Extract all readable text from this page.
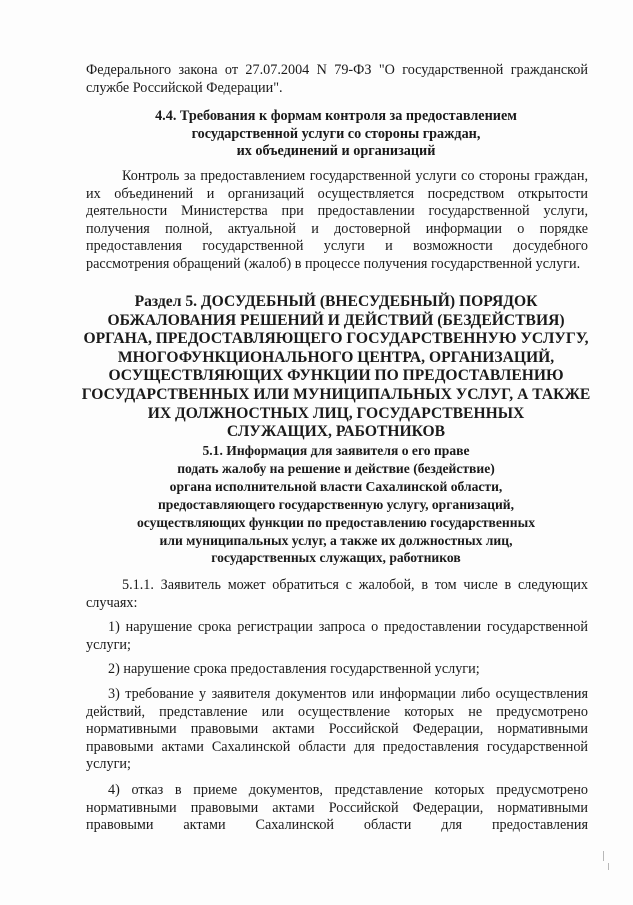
Федерального закона от 27.07.2004 N 79-ФЗ "О государственной гражданской службе Российской Федерации".

4.4. Требования к формам контроля за предоставлением
государственной услуги со стороны граждан,
их объединений и организаций

Контроль за предоставлением государственной услуги со стороны граждан, их объединений и организаций осуществляется посредством открытости деятельности Министерства при предоставлении государственной услуги, получения полной, актуальной и достоверной информации о порядке предоставления государственной услуги и возможности досудебного рассмотрения обращений (жалоб) в процессе получения государственной услуги.

Раздел 5. ДОСУДЕБНЫЙ (ВНЕСУДЕБНЫЙ) ПОРЯДОК
ОБЖАЛОВАНИЯ РЕШЕНИЙ И ДЕЙСТВИЙ (БЕЗДЕЙСТВИЯ)
ОРГАНА, ПРЕДОСТАВЛЯЮЩЕГО ГОСУДАРСТВЕННУЮ УСЛУГУ,
МНОГОФУНКЦИОНАЛЬНОГО ЦЕНТРА, ОРГАНИЗАЦИЙ,
ОСУЩЕСТВЛЯЮЩИХ ФУНКЦИИ ПО ПРЕДОСТАВЛЕНИЮ
ГОСУДАРСТВЕННЫХ ИЛИ МУНИЦИПАЛЬНЫХ УСЛУГ, А ТАКЖЕ
ИХ ДОЛЖНОСТНЫХ ЛИЦ, ГОСУДАРСТВЕННЫХ
СЛУЖАЩИХ, РАБОТНИКОВ
5.1. Информация для заявителя о его праве
подать жалобу на решение и действие (бездействие)
органа исполнительной власти Сахалинской области,
предоставляющего государственную услугу, организаций,
осуществляющих функции по предоставлению государственных
или муниципальных услуг, а также их должностных лиц,
государственных служащих, работников

5.1.1. Заявитель может обратиться с жалобой, в том числе в следующих случаях:

1) нарушение срока регистрации запроса о предоставлении государственной услуги;

2) нарушение срока предоставления государственной услуги;

3) требование у заявителя документов или информации либо осуществления действий, представление или осуществление которых не предусмотрено нормативными правовыми актами Российской Федерации, нормативными правовыми актами Сахалинской области для предоставления государственной услуги;

4) отказ в приеме документов, представление которых предусмотрено нормативными правовыми актами Российской Федерации, нормативными правовыми актами Сахалинской области для предоставления
